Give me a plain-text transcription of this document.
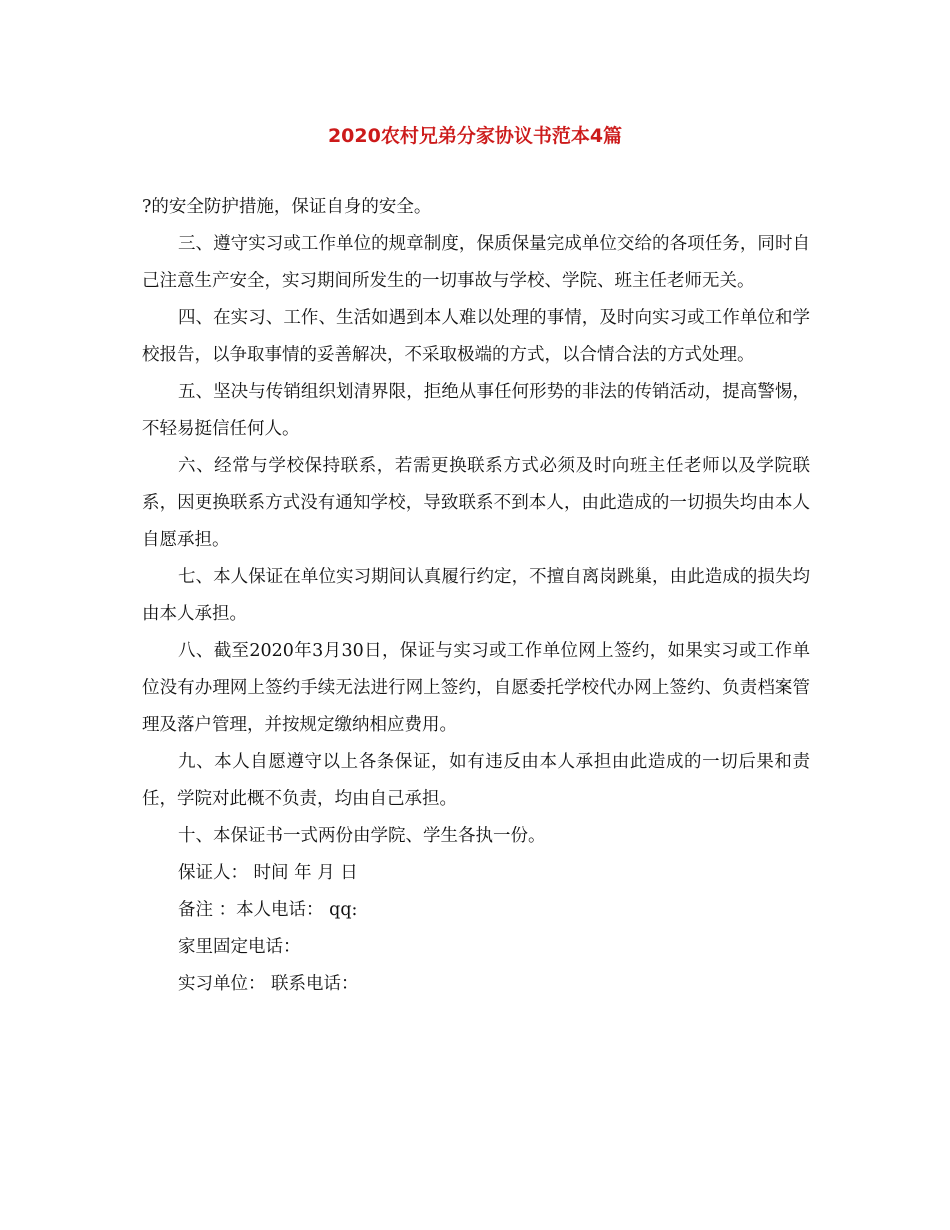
2020农村兄弟分家协议书范本4篇

?的安全防护措施，保证自身的安全。

三、遵守实习或工作单位的规章制度，保质保量完成单位交给的各项任务，同时自己注意生产安全，实习期间所发生的一切事故与学校、学院、班主任老师无关。

四、在实习、工作、生活如遇到本人难以处理的事情，及时向实习或工作单位和学校报告，以争取事情的妥善解决，不采取极端的方式，以合情合法的方式处理。

五、坚决与传销组织划清界限，拒绝从事任何形势的非法的传销活动，提高警惕，不轻易挺信任何人。

六、经常与学校保持联系，若需更换联系方式必须及时向班主任老师以及学院联系，因更换联系方式没有通知学校，导致联系不到本人，由此造成的一切损失均由本人自愿承担。

七、本人保证在单位实习期间认真履行约定，不擅自离岗跳巢，由此造成的损失均由本人承担。

八、截至2020年3月30日，保证与实习或工作单位网上签约，如果实习或工作单位没有办理网上签约手续无法进行网上签约，自愿委托学校代办网上签约、负责档案管理及落户管理，并按规定缴纳相应费用。

九、本人自愿遵守以上各条保证，如有违反由本人承担由此造成的一切后果和责任，学院对此概不负责，均由自己承担。

十、本保证书一式两份由学院、学生各执一份。

保证人： 时间 年 月 日

备注 ：本人电话： qq:

家里固定电话：

实习单位： 联系电话：
